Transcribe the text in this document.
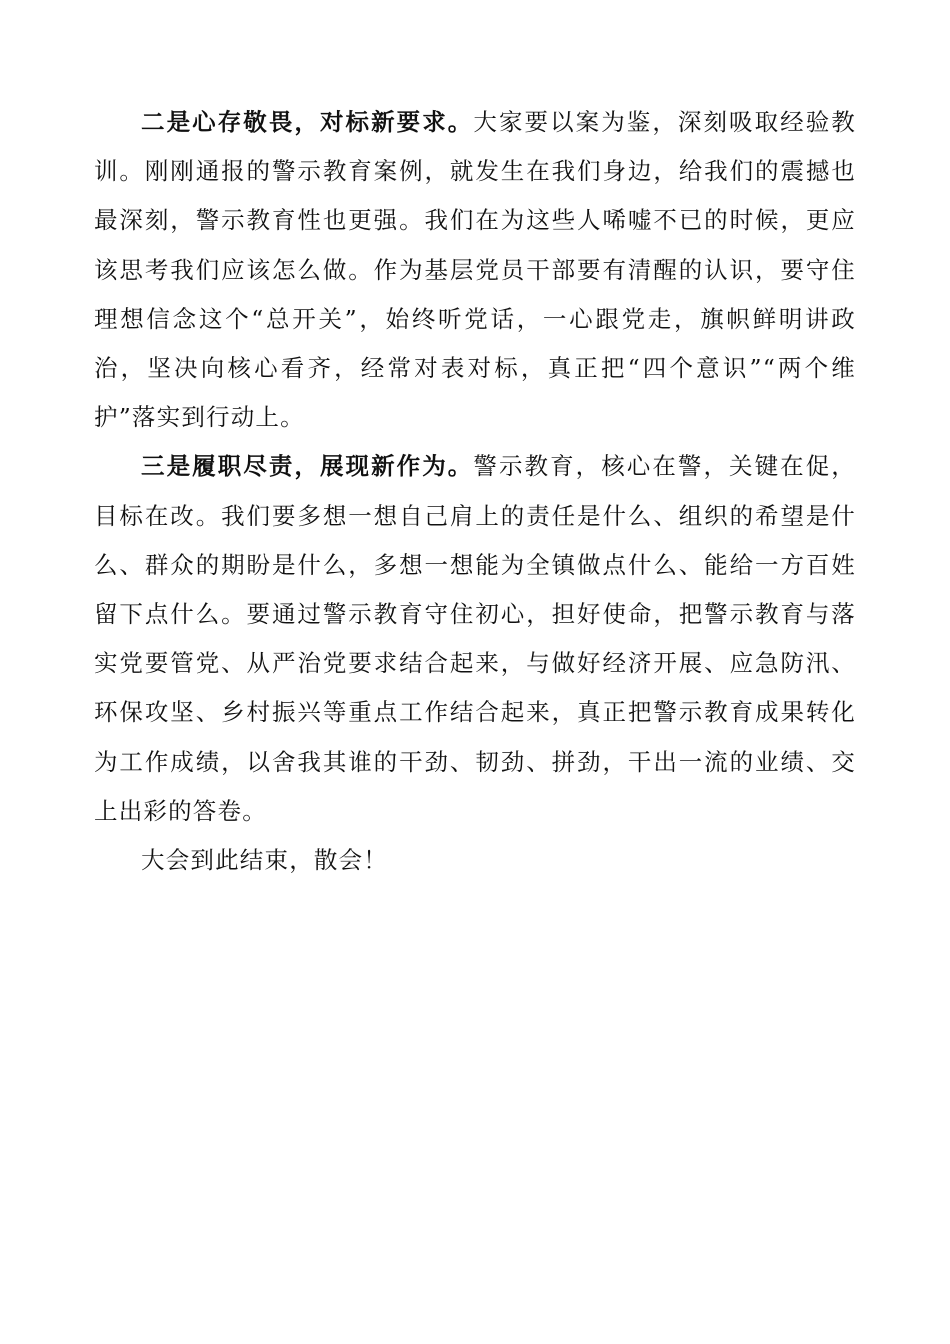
二是心存敬畏，对标新要求。大家要以案为鉴，深刻吸取经验教训。刚刚通报的警示教育案例，就发生在我们身边，给我们的震撼也最深刻，警示教育性也更强。我们在为这些人唏嘘不已的时候，更应该思考我们应该怎么做。作为基层党员干部要有清醒的认识，要守住理想信念这个“总开关”，始终听党话，一心跟党走，旗帜鲜明讲政治，坚决向核心看齐，经常对表对标，真正把“四个意识”“两个维护”落实到行动上。

三是履职尽责，展现新作为。警示教育，核心在警，关键在促，目标在改。我们要多想一想自己肩上的责任是什么、组织的希望是什么、群众的期盼是什么，多想一想能为全镇做点什么、能给一方百姓留下点什么。要通过警示教育守住初心，担好使命，把警示教育与落实党要管党、从严治党要求结合起来，与做好经济开展、应急防汛、环保攻坚、乡村振兴等重点工作结合起来，真正把警示教育成果转化为工作成绩，以舍我其谁的干劲、韧劲、拼劲，干出一流的业绩、交上出彩的答卷。

大会到此结束，散会！
